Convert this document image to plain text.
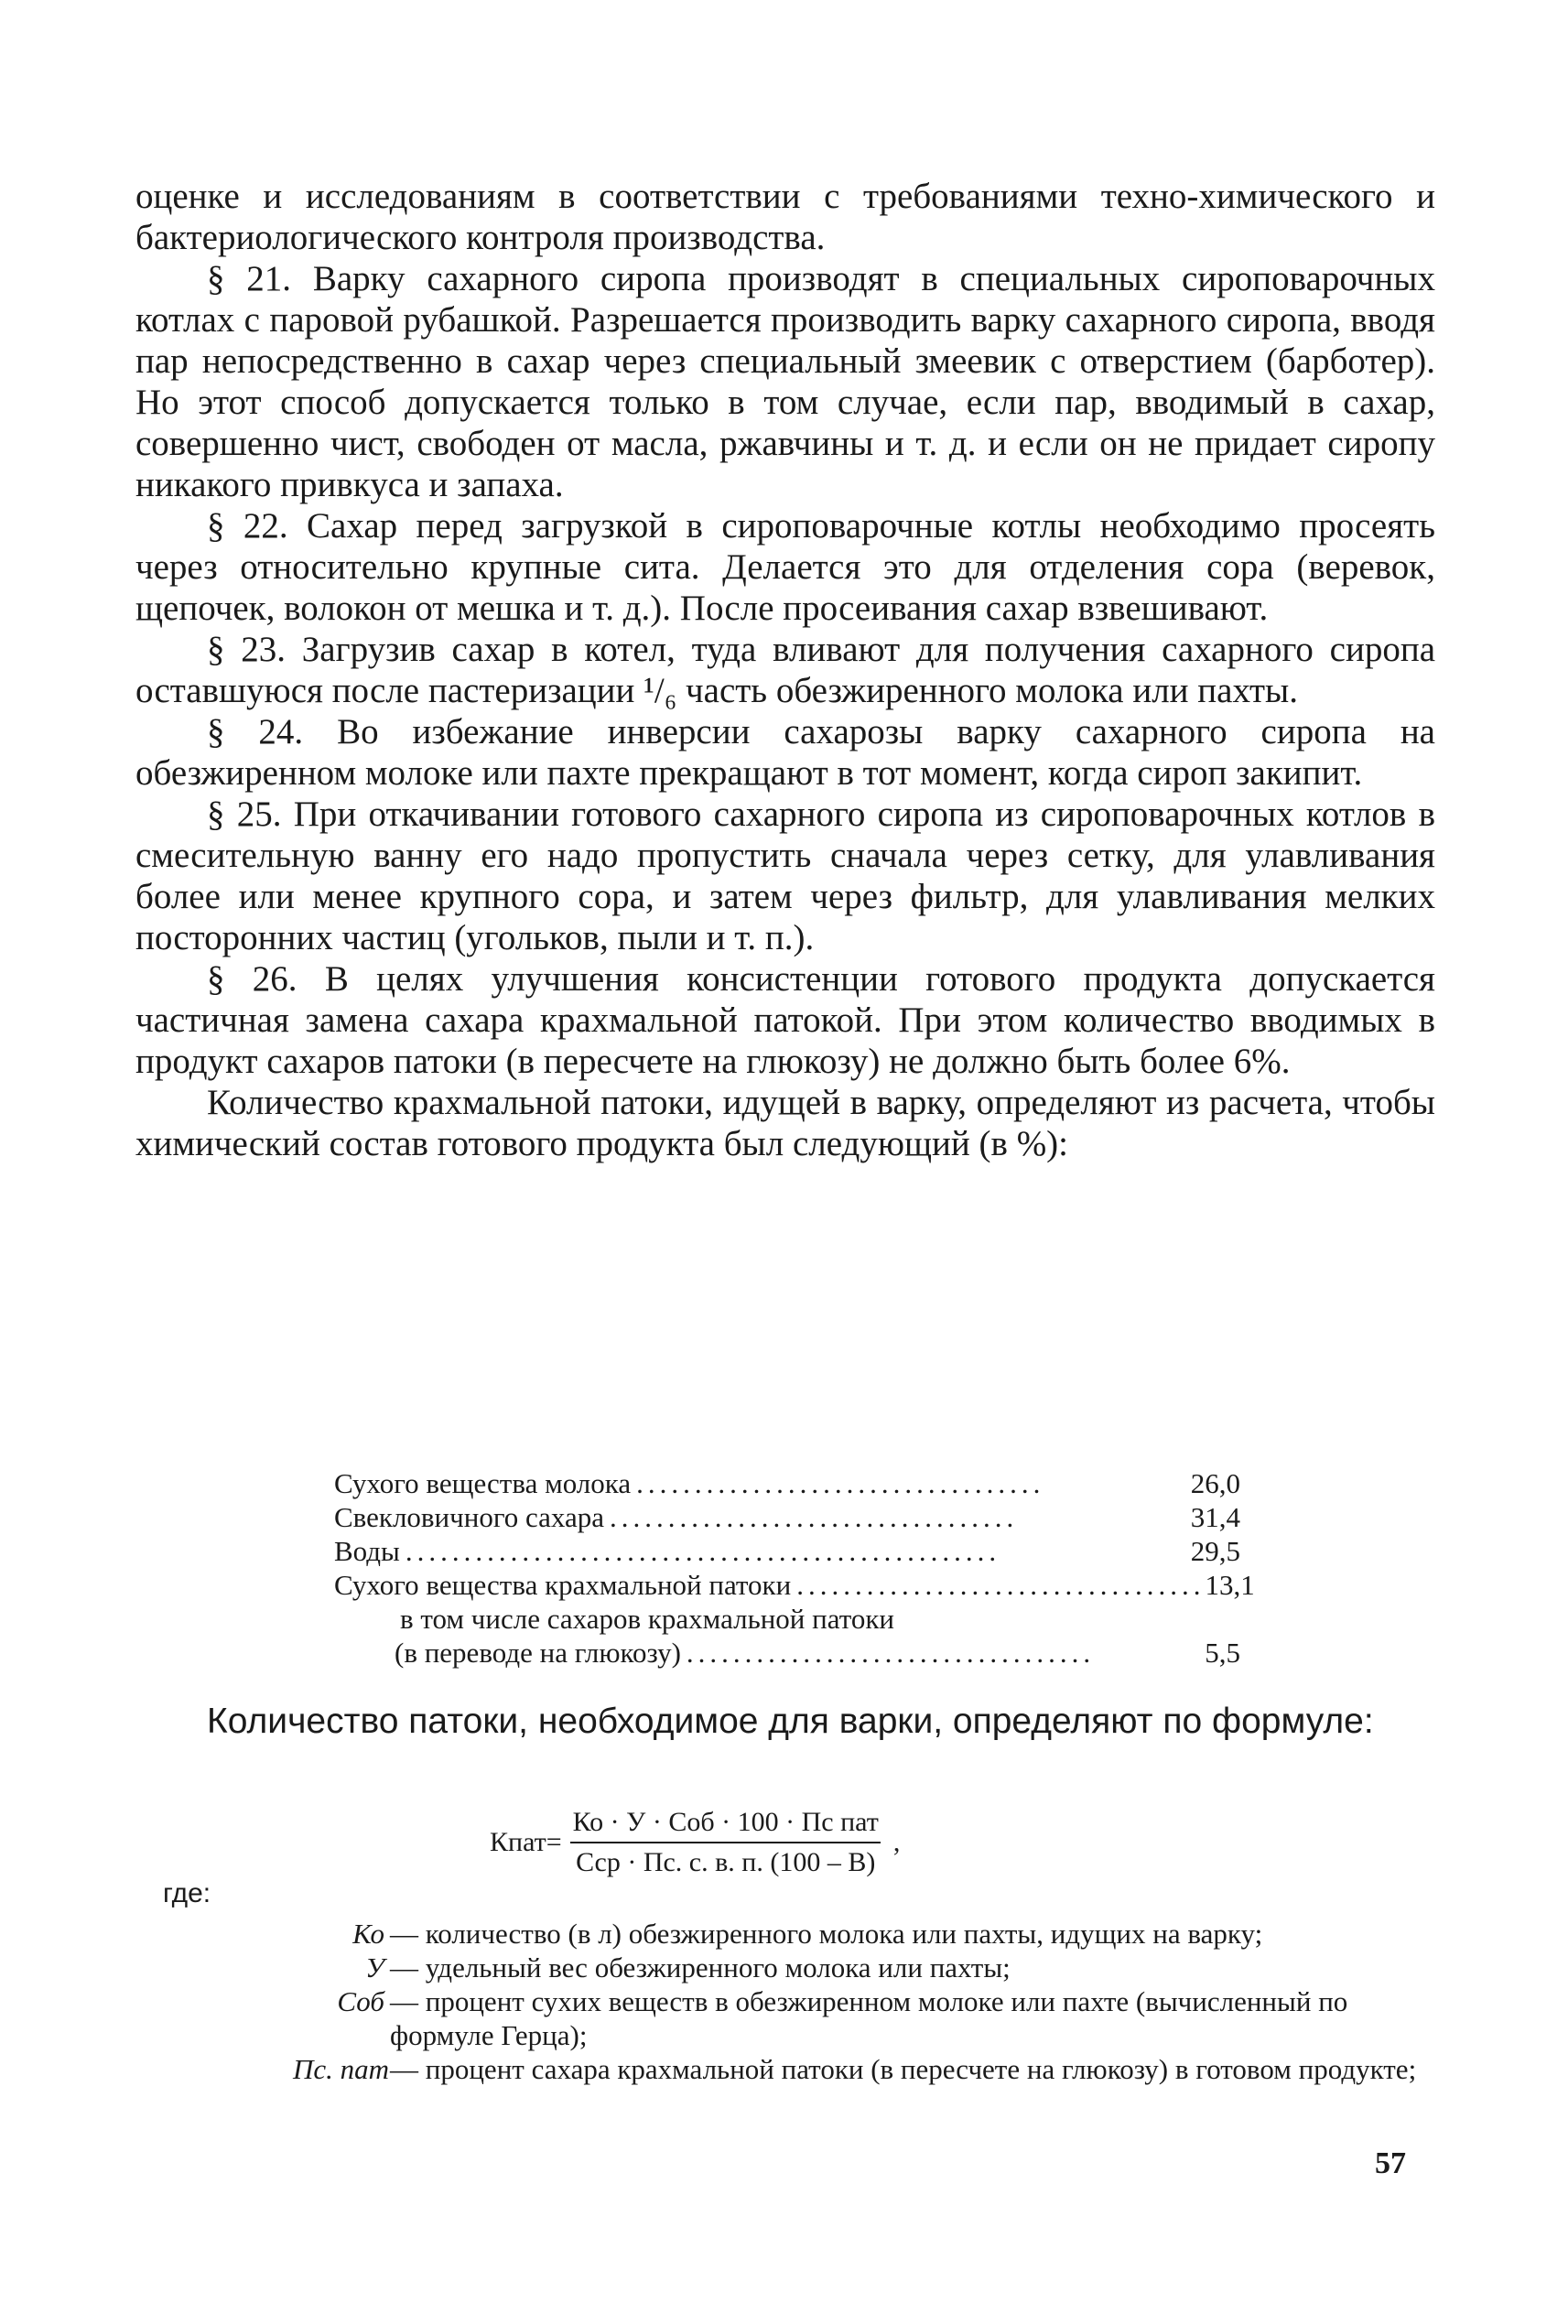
оценке и исследованиям в соответствии с требованиями техно-химического и бактериологического контроля производства.

§ 21. Варку сахарного сиропа производят в специальных сироповарочных котлах с паровой рубашкой. Разрешается производить варку сахарного сиропа, вводя пар непосредственно в сахар через специальный змеевик с отверстием (барботер). Но этот способ допускается только в том случае, если пар, вводимый в сахар, совершенно чист, свободен от масла, ржавчины и т. д. и если он не придает сиропу никакого привкуса и запаха.

§ 22. Сахар перед загрузкой в сироповарочные котлы необходимо просеять через относительно крупные сита. Делается это для отделения сора (веревок, щепочек, волокон от мешка и т. д.). После просеивания сахар взвешивают.

§ 23. Загрузив сахар в котел, туда вливают для получения сахарного сиропа оставшуюся после пастеризации ¹/₆ часть обезжиренного молока или пахты.

§ 24. Во избежание инверсии сахарозы варку сахарного сиропа на обезжиренном молоке или пахте прекращают в тот момент, когда сироп закипит.

§ 25. При откачивании готового сахарного сиропа из сироповарочных котлов в смесительную ванну его надо пропустить сначала через сетку, для улавливания более или менее крупного сора, и затем через фильтр, для улавливания мелких посторонних частиц (угольков, пыли и т. п.).

§ 26. В целях улучшения консистенции готового продукта допускается частичная замена сахара крахмальной патокой. При этом количество вводимых в продукт сахаров патоки (в пересчете на глюкозу) не должно быть более 6%.

Количество крахмальной патоки, идущей в варку, определяют из расчета, чтобы химический состав готового продукта был следующий (в %):

Сухого вещества молока ...................................	26,0
Свекловичного сахара ...................................	31,4
Воды ...................................................	29,5
Сухого вещества крахмальной патоки ................................... 13,1
в том числе сахаров крахмальной патоки
(в переводе на глюкозу) ...................................	5,5
Количество патоки, необходимое для варки, определяют по формуле:
Кпат= $\frac{\text{Ко · У · Соб · 100 · Пс пат}}{\text{Сср · Пс. с. в. п. (100 – В)}}$ ,
где:
Ко — количество (в л) обезжиренного молока или пахты, идущих на варку;
У — удельный вес обезжиренного молока или пахты;
Соб — процент сухих веществ в обезжиренном молоке или пахте (вычисленный по формуле Герца);
Пс. пат — процент сахара крахмальной патоки (в пересчете на глюкозу) в готовом продукте;
57
